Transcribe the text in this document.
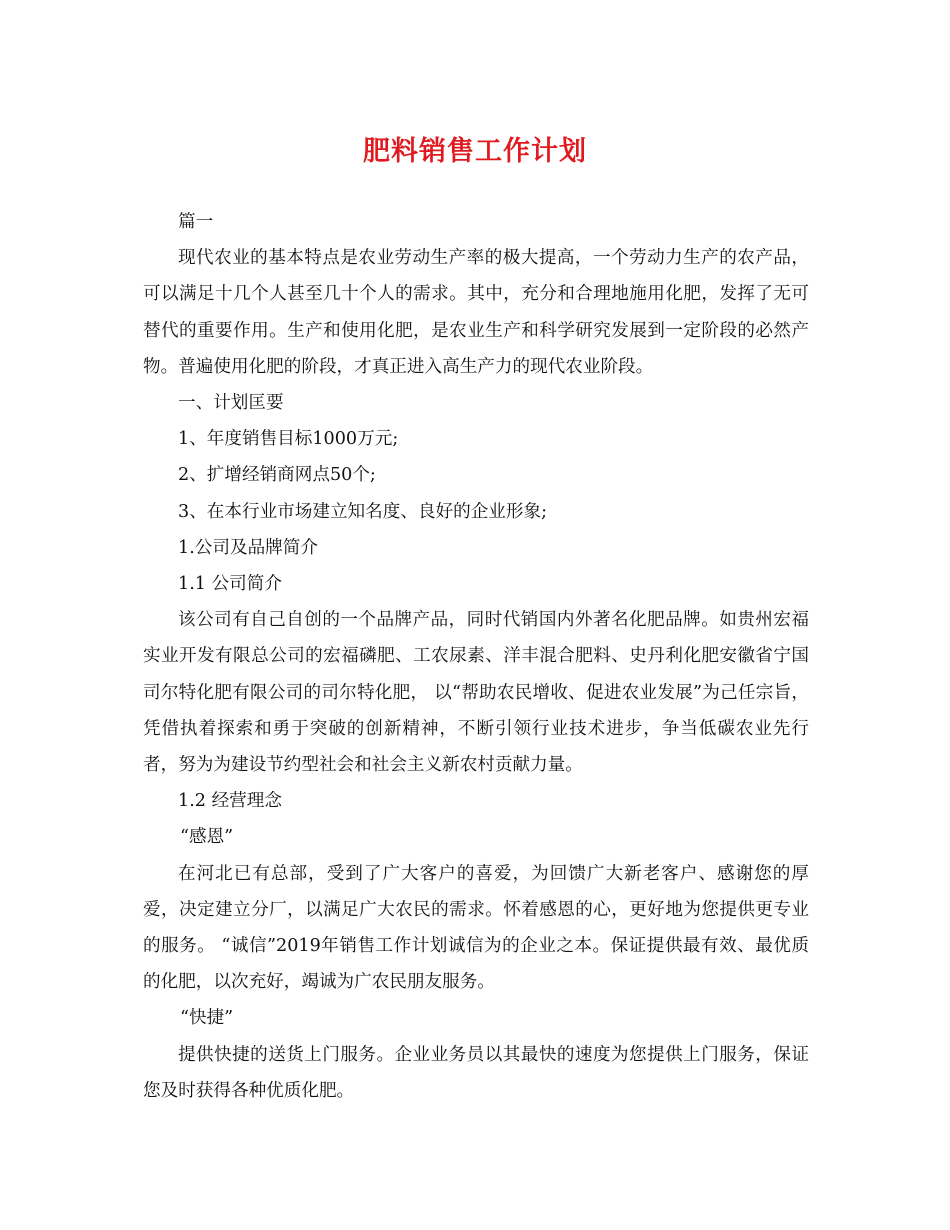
肥料销售工作计划

篇一

现代农业的基本特点是农业劳动生产率的极大提高，一个劳动力生产的农产品，可以满足十几个人甚至几十个人的需求。其中，充分和合理地施用化肥，发挥了无可替代的重要作用。生产和使用化肥，是农业生产和科学研究发展到一定阶段的必然产物。普遍使用化肥的阶段，才真正进入高生产力的现代农业阶段。

一、计划匡要

1、年度销售目标1000万元;

2、扩增经销商网点50个;

3、在本行业市场建立知名度、良好的企业形象;

1.公司及品牌简介

1.1 公司简介

该公司有自己自创的一个品牌产品，同时代销国内外著名化肥品牌。如贵州宏福实业开发有限总公司的宏福磷肥、工农尿素、洋丰混合肥料、史丹利化肥安徽省宁国司尔特化肥有限公司的司尔特化肥， 以“帮助农民增收、促进农业发展”为己任宗旨，凭借执着探索和勇于突破的创新精神，不断引领行业技术进步，争当低碳农业先行者，努为为建设节约型社会和社会主义新农村贡献力量。

1.2 经营理念

“感恩”

在河北已有总部，受到了广大客户的喜爱，为回馈广大新老客户、感谢您的厚爱，决定建立分厂，以满足广大农民的需求。怀着感恩的心，更好地为您提供更专业的服务。 “诚信”2019年销售工作计划诚信为的企业之本。保证提供最有效、最优质的化肥，以次充好，竭诚为广农民朋友服务。

“快捷”

提供快捷的送货上门服务。企业业务员以其最快的速度为您提供上门服务，保证您及时获得各种优质化肥。
